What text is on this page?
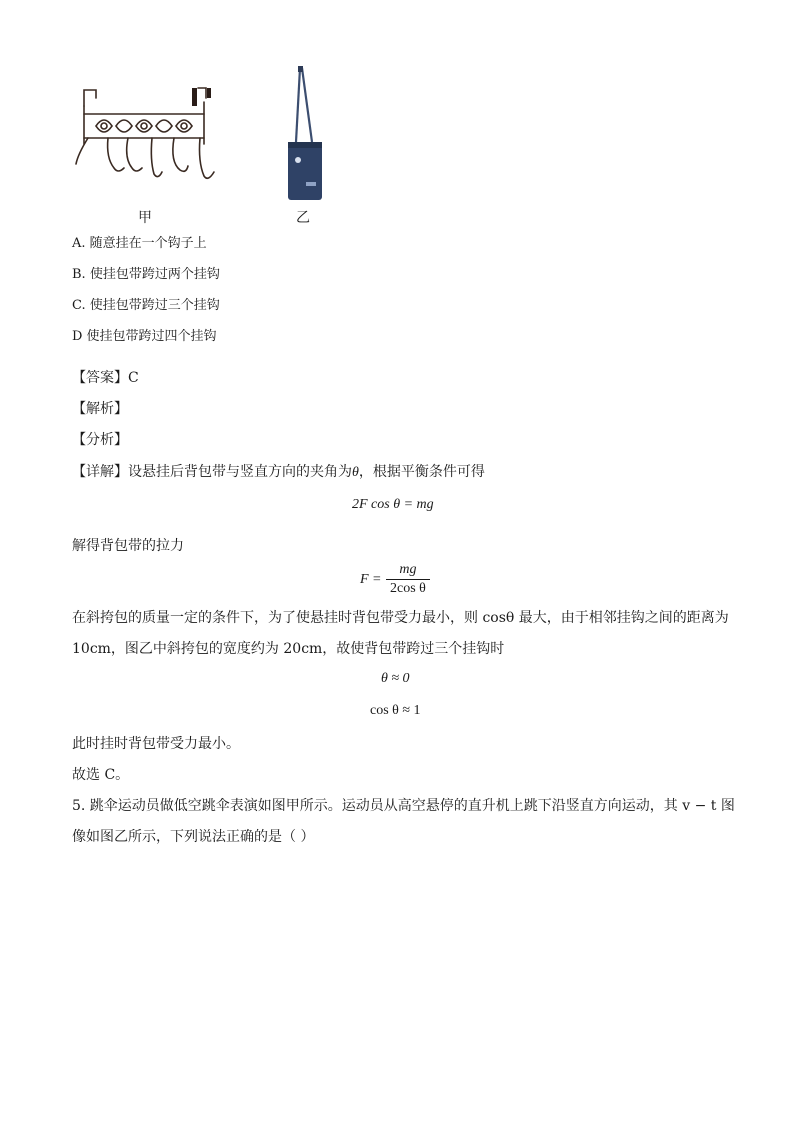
甲	乙
A. 随意挂在一个钩子上
B. 使挂包带跨过两个挂钩
C. 使挂包带跨过三个挂钩
D 使挂包带跨过四个挂钩
【答案】C
【解析】
【分析】
【详解】设悬挂后背包带与竖直方向的夹角为θ，根据平衡条件可得
2F cos θ = mg
解得背包带的拉力
F =
mg
2cos θ
在斜挎包的质量一定的条件下，为了使悬挂时背包带受力最小，则 cosθ 最大，由于相邻挂钩之间的距离为
10cm，图乙中斜挎包的宽度约为 20cm，故使背包带跨过三个挂钩时
θ ≈ 0
cos θ ≈ 1
此时挂时背包带受力最小。
故选 C。
5. 跳伞运动员做低空跳伞表演如图甲所示。运动员从高空悬停的直升机上跳下沿竖直方向运动，其 v − t 图
像如图乙所示，下列说法正确的是（ ）
